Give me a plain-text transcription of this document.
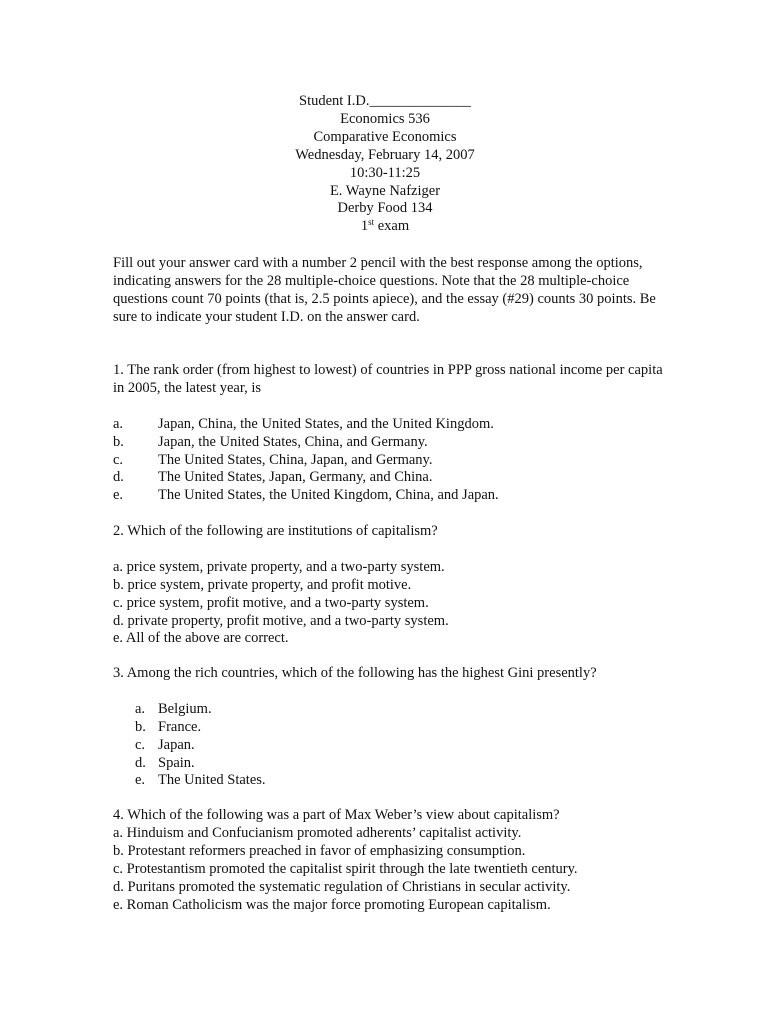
Student I.D.______________
Economics 536
Comparative Economics
Wednesday, February 14, 2007
10:30-11:25
E. Wayne Nafziger
Derby Food 134
1st exam

Fill out your answer card with a number 2 pencil with the best response among the options, indicating answers for the 28 multiple-choice questions. Note that the 28 multiple-choice questions count 70 points (that is, 2.5 points apiece), and the essay (#29) counts 30 points. Be sure to indicate your student I.D. on the answer card.

1. The rank order (from highest to lowest) of countries in PPP gross national income per capita in 2005, the latest year, is

a.	Japan, China, the United States, and the United Kingdom.
b.	Japan, the United States, China, and Germany.
c.	The United States, China, Japan, and Germany.
d.	The United States, Japan, Germany, and China.
e.	The United States, the United Kingdom, China, and Japan.

2. Which of the following are institutions of capitalism?

a. price system, private property, and a two-party system.
b. price system, private property, and profit motive.
c. price system, profit motive, and a two-party system.
d. private property, profit motive, and a two-party system.
e. All of the above are correct.

3. Among the rich countries, which of the following has the highest Gini presently?

a. Belgium.
b. France.
c. Japan.
d. Spain.
e. The United States.

4. Which of the following was a part of Max Weber’s view about capitalism?

a. Hinduism and Confucianism promoted adherents’ capitalist activity.
b. Protestant reformers preached in favor of emphasizing consumption.
c. Protestantism promoted the capitalist spirit through the late twentieth century.
d. Puritans promoted the systematic regulation of Christians in secular activity.
e. Roman Catholicism was the major force promoting European capitalism.
